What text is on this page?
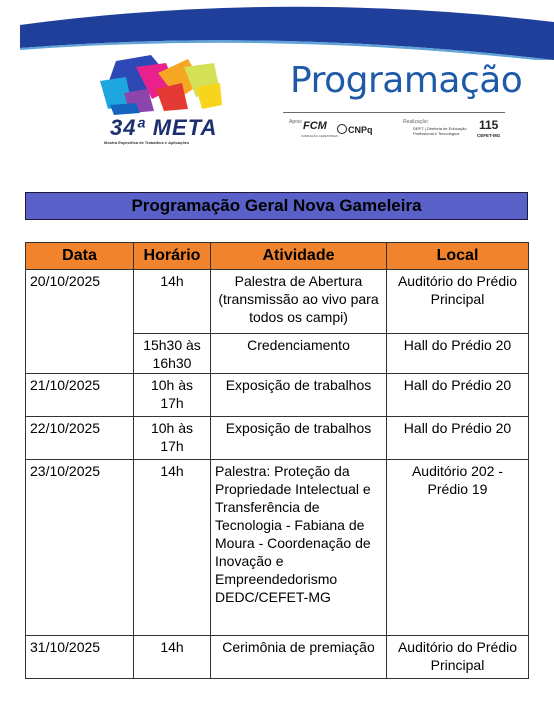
34ª META
Mostra Específica de Trabalhos e Aplicações
Programação
Apoio FCM
FUNDAÇÃO CEFETMINAS
CNPq
Realização
DEPT | Diretoria de Educação Profissional e Tecnológica
115
CEFET-MG
Programação Geral Nova Gameleira
Data	Horário	Atividade	Local
20/10/2025	14h	Palestra de Abertura (transmissão ao vivo para todos os campi)	Auditório do Prédio Principal
	15h30 às 16h30	Credenciamento	Hall do Prédio 20
21/10/2025	10h às 17h	Exposição de trabalhos	Hall do Prédio 20
22/10/2025	10h às 17h	Exposição de trabalhos	Hall do Prédio 20
23/10/2025	14h	Palestra: Proteção da Propriedade Intelectual e Transferência de Tecnologia - Fabiana de Moura - Coordenação de Inovação e Empreendedorismo DEDC/CEFET-MG	Auditório 202 - Prédio 19
31/10/2025	14h	Cerimônia de premiação	Auditório do Prédio Principal
